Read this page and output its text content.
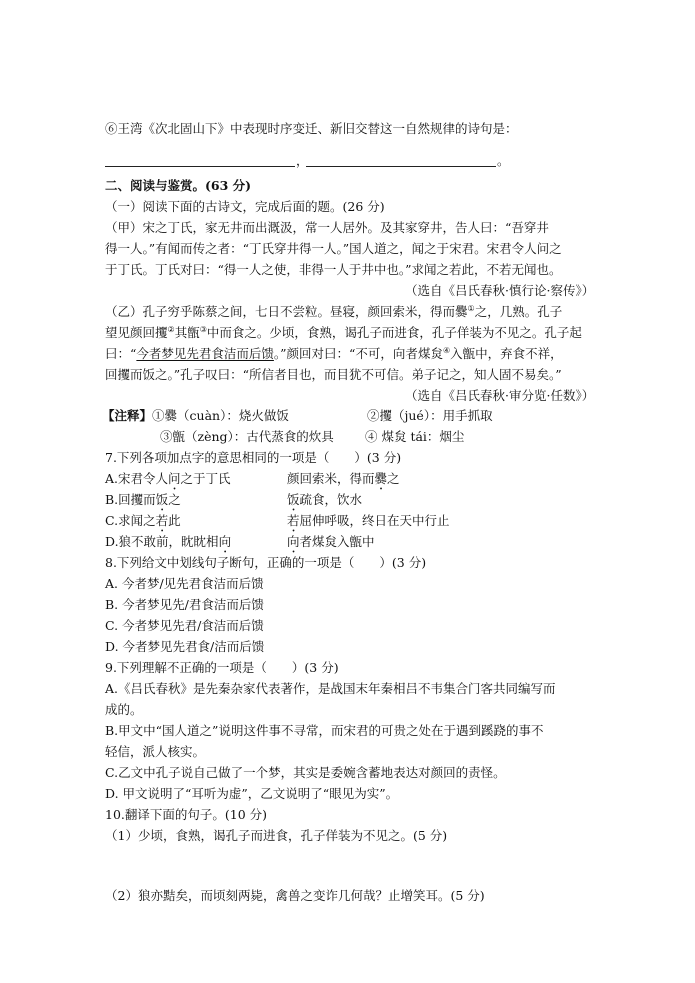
⑥王湾《次北固山下》中表现时序变迁、新旧交替这一自然规律的诗句是：
，	。
二、阅读与鉴赏。(63 分)
（一）阅读下面的古诗文，完成后面的题。(26 分)
（甲）宋之丁氏，家无井而出溉汲，常一人居外。及其家穿井，告人曰：“吾穿井
得一人。”有闻而传之者：“丁氏穿井得一人。”国人道之，闻之于宋君。宋君令人问之
于丁氏。丁氏对曰：“得一人之使，非得一人于井中也。”求闻之若此，不若无闻也。
（选自《吕氏春秋·慎行论·察传》）
（乙）孔子穷乎陈蔡之间，七日不尝粒。昼寝，颜回索米，得而爨①之，几熟。孔子
望见颜回攫②其甑③中而食之。少顷，食熟，谒孔子而进食，孔子佯装为不见之。孔子起
曰：“今者梦见先君食洁而后馈。”颜回对曰：“不可，向者煤炱④入甑中，弃食不祥，
回攫而饭之。”孔子叹曰：“所信者目也，而目犹不可信。弟子记之，知人固不易矣。”
（选自《吕氏春秋·审分览·任数》）
【注释】①爨（cuàn）：烧火做饭	②攫（jué）：用手抓取
③甑（zèng）：古代蒸食的炊具 ④ 煤炱 tái：烟尘
7.下列各项加点字的意思相同的一项是（　　）(3 分)
A.宋君令人问之于丁氏	颜回索米，得而爨之
B.回攫而饭之	饭疏食，饮水
C.求闻之若此	若屈伸呼吸，终日在天中行止
D.狼不敢前，眈眈相向	向者煤炱入甑中
8.下列给文中划线句子断句，正确的一项是（　　）(3 分)
A. 今者梦/见先君食洁而后馈
B. 今者梦见先/君食洁而后馈
C. 今者梦见先君/食洁而后馈
D. 今者梦见先君食/洁而后馈
9.下列理解不正确的一项是（　　）(3 分)
A.《吕氏春秋》是先秦杂家代表著作，是战国末年秦相吕不韦集合门客共同编写而
成的。
B.甲文中“国人道之”说明这件事不寻常，而宋君的可贵之处在于遇到蹊跷的事不
轻信，派人核实。
C.乙文中孔子说自己做了一个梦，其实是委婉含蓄地表达对颜回的责怪。
D. 甲文说明了“耳听为虚”，乙文说明了“眼见为实”。
10.翻译下面的句子。(10 分)
（1）少顷，食熟，谒孔子而进食，孔子佯装为不见之。(5 分)
（2）狼亦黠矣，而顷刻两毙，禽兽之变诈几何哉？止增笑耳。(5 分)
